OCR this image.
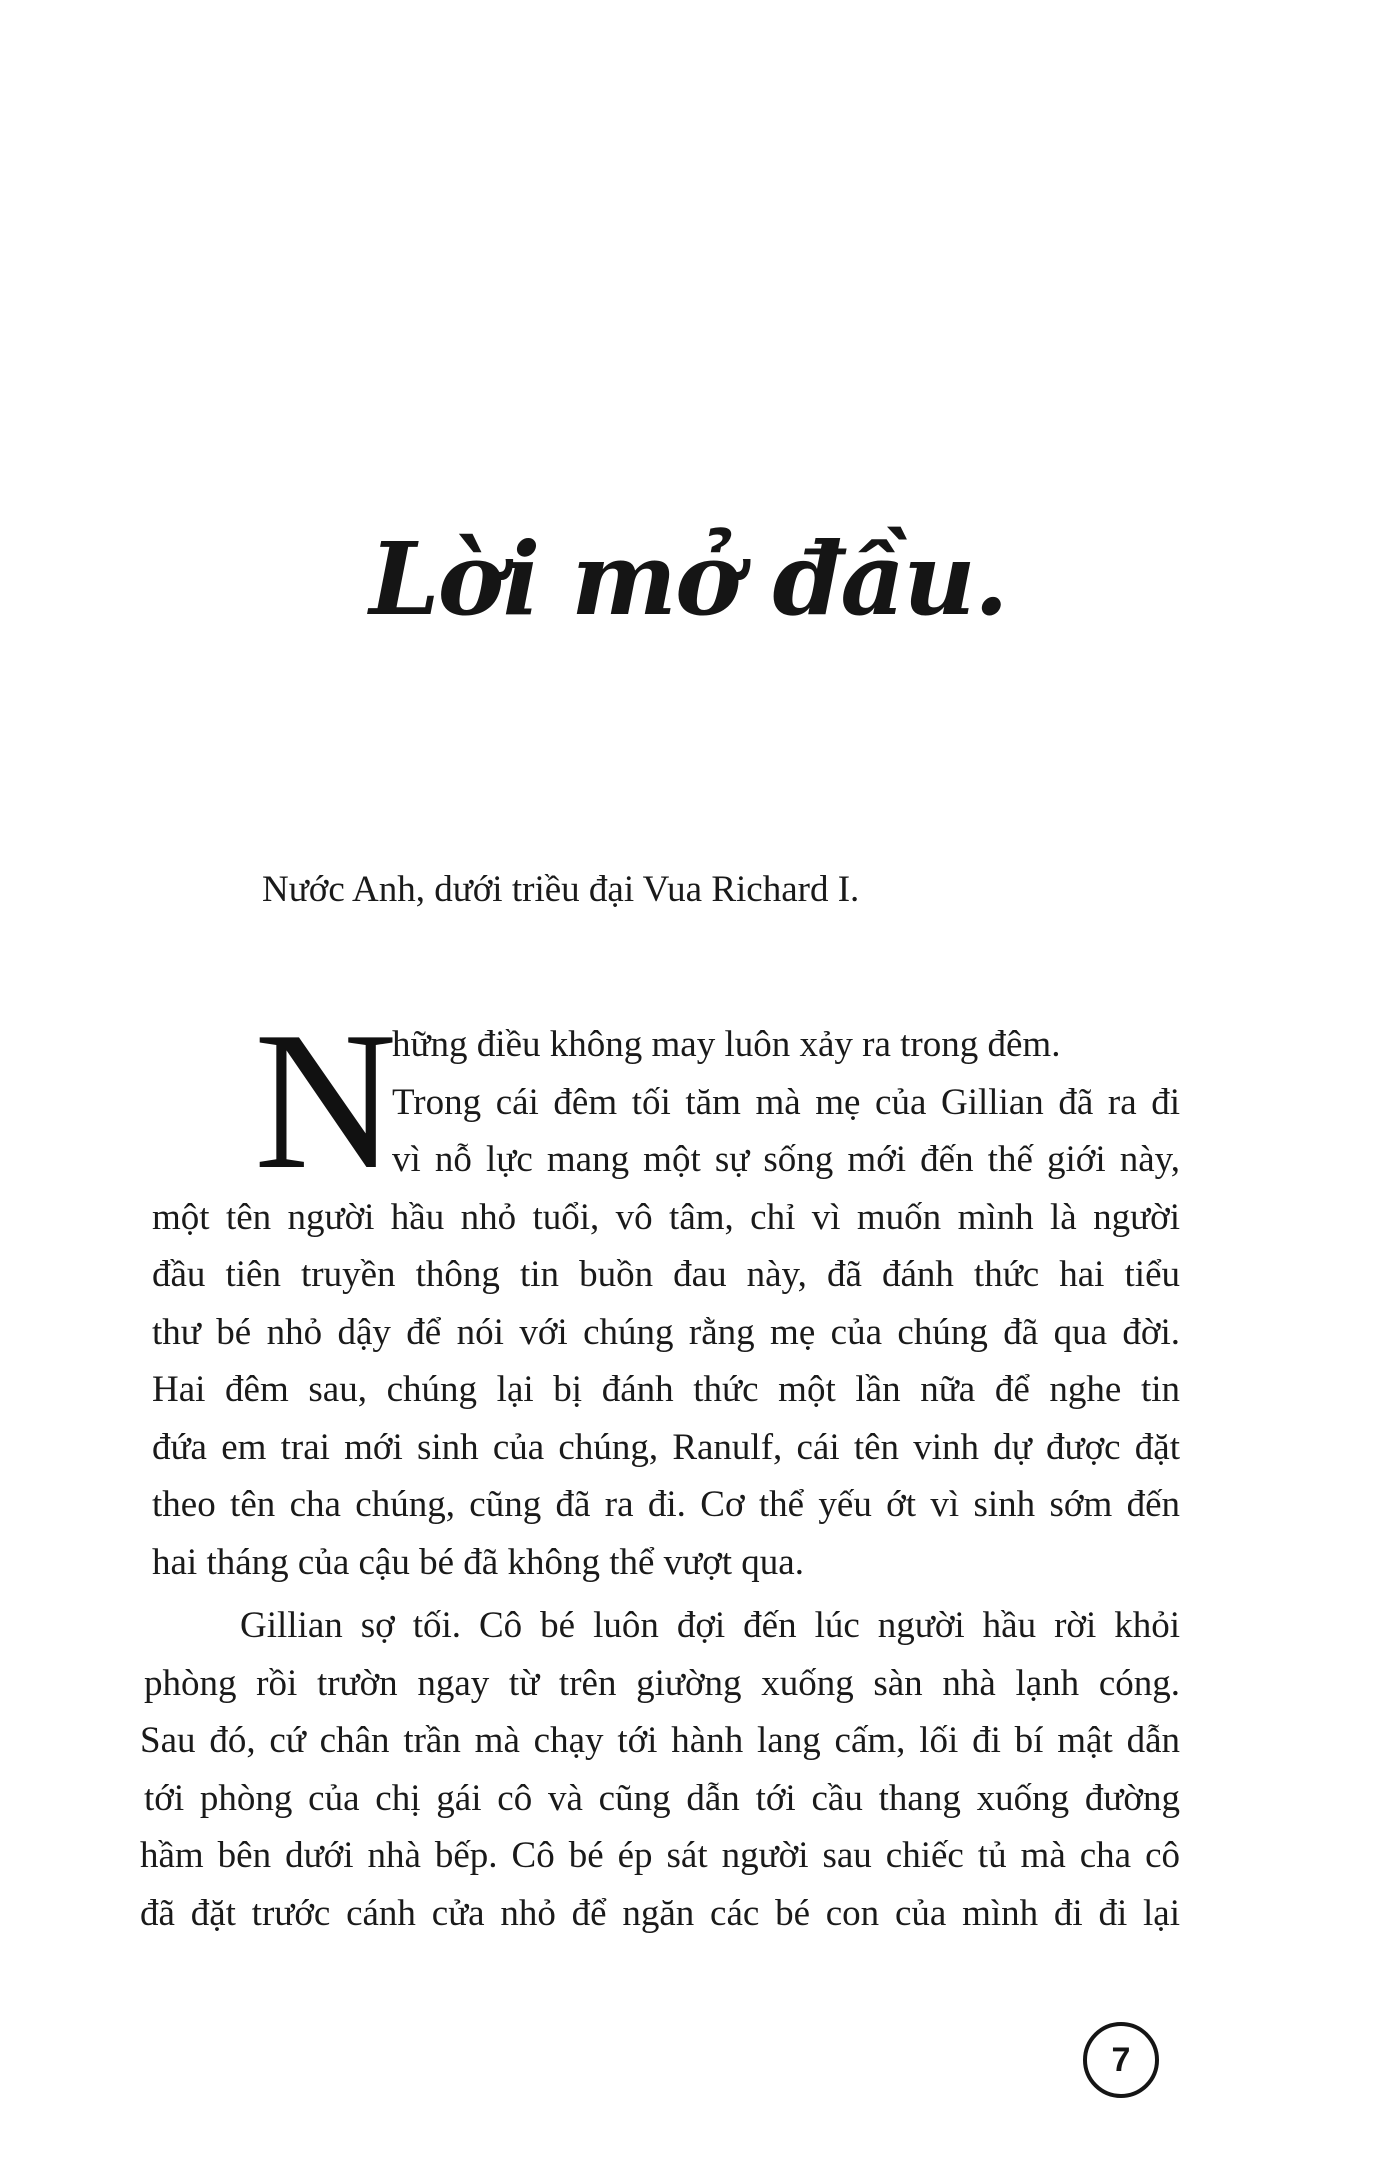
Lời mở đầu.
Nước Anh, dưới triều đại Vua Richard I.
N
hững điều không may luôn xảy ra trong đêm.
Trong cái đêm tối tăm mà mẹ của Gillian đã ra đi
vì nỗ lực mang một sự sống mới đến thế giới này,
một tên người hầu nhỏ tuổi, vô tâm, chỉ vì muốn mình là người
đầu tiên truyền thông tin buồn đau này, đã đánh thức hai tiểu
thư bé nhỏ dậy để nói với chúng rằng mẹ của chúng đã qua đời.
Hai đêm sau, chúng lại bị đánh thức một lần nữa để nghe tin
đứa em trai mới sinh của chúng, Ranulf, cái tên vinh dự được đặt
theo tên cha chúng, cũng đã ra đi. Cơ thể yếu ớt vì sinh sớm đến
hai tháng của cậu bé đã không thể vượt qua.
Gillian sợ tối. Cô bé luôn đợi đến lúc người hầu rời khỏi
phòng rồi trườn ngay từ trên giường xuống sàn nhà lạnh cóng.
Sau đó, cứ chân trần mà chạy tới hành lang cấm, lối đi bí mật dẫn
tới phòng của chị gái cô và cũng dẫn tới cầu thang xuống đường
hầm bên dưới nhà bếp. Cô bé ép sát người sau chiếc tủ mà cha cô
đã đặt trước cánh cửa nhỏ để ngăn các bé con của mình đi đi lại
7
